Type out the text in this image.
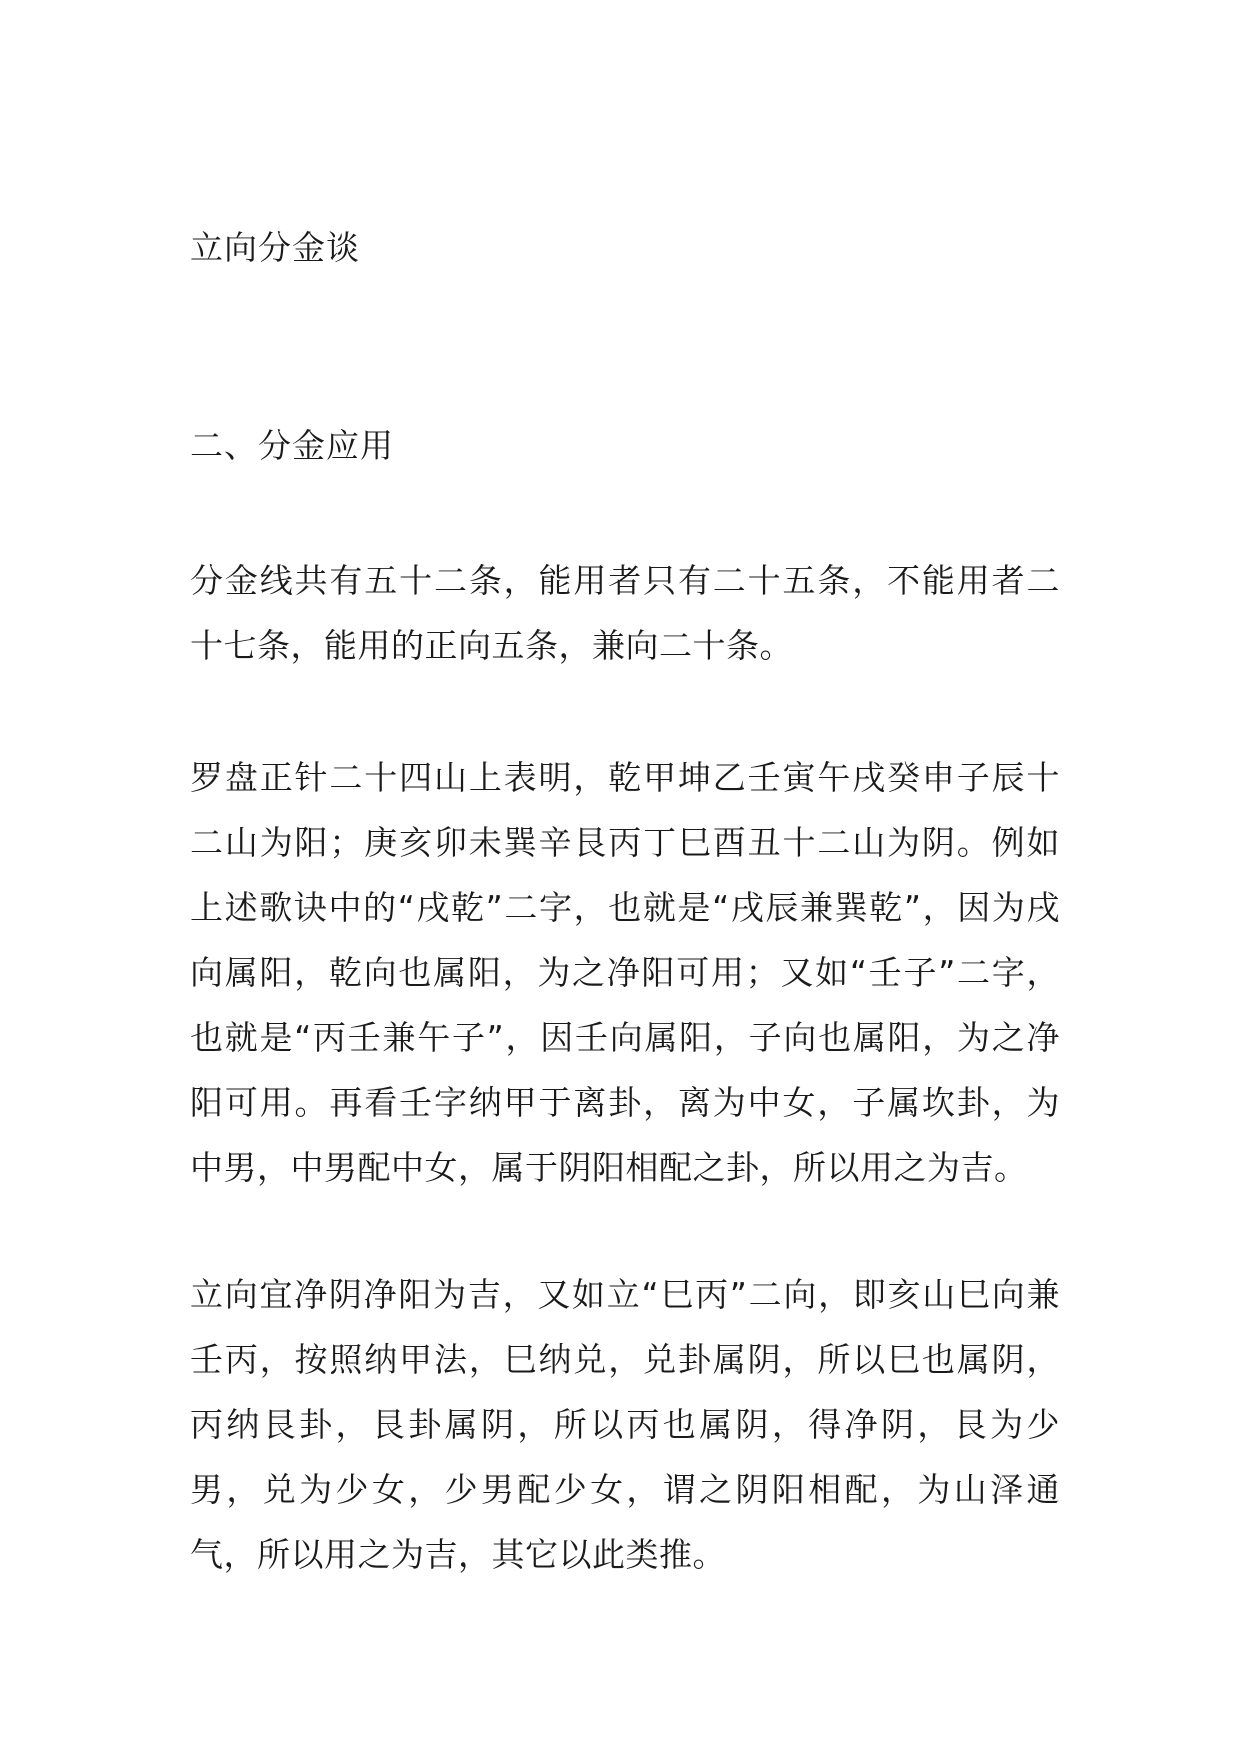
立向分金谈
二、分金应用

分金线共有五十二条，能用者只有二十五条，不能用者二十七条，能用的正向五条，兼向二十条。

罗盘正针二十四山上表明，乾甲坤乙壬寅午戌癸申子辰十二山为阳；庚亥卯未巽辛艮丙丁巳酉丑十二山为阴。例如上述歌诀中的“戌乾”二字，也就是“戌辰兼巽乾”，因为戌向属阳，乾向也属阳，为之净阳可用；又如“壬子”二字，也就是“丙壬兼午子”，因壬向属阳，子向也属阳，为之净阳可用。再看壬字纳甲于离卦，离为中女，子属坎卦，为中男，中男配中女，属于阴阳相配之卦，所以用之为吉。

立向宜净阴净阳为吉，又如立“巳丙”二向，即亥山巳向兼壬丙，按照纳甲法，巳纳兑，兑卦属阴，所以巳也属阴，丙纳艮卦，艮卦属阴，所以丙也属阴，得净阴，艮为少男，兑为少女，少男配少女，谓之阴阳相配，为山泽通气，所以用之为吉，其它以此类推。
